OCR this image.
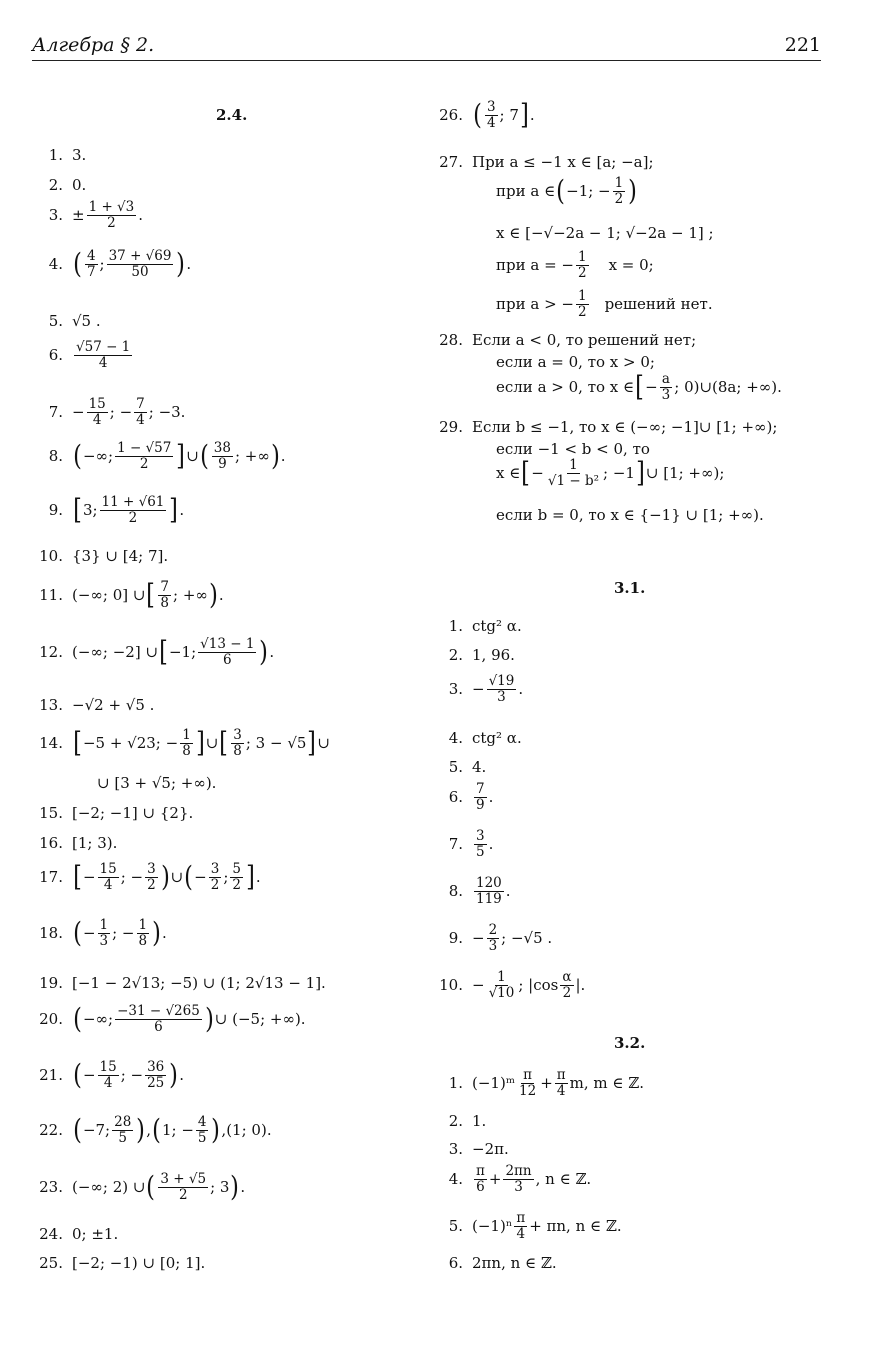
Алгебра § 2.	221
2.4.
1. 3.
2. 0.
3. ± $\frac{1 + √3}{2}$ .
4. ( $\frac{4}{7}$ ; $\frac{37 + √69}{50}$ ) .
5. √5 .
6. $\frac{√57 - 1}{4}$
7. − $\frac{15}{4}$ ; − $\frac{7}{4}$ ; −3.
8. ( −∞; $\frac{1 - √57}{2}$ ] ∪ ( $\frac{38}{9}$ ; +∞ ) .
9. [ 3; $\frac{11 + √61}{2}$ ] .
10. {3} ∪ [4; 7].
11. (−∞; 0] ∪ [ $\frac{7}{8}$ ; +∞ ) .
12. (−∞; −2] ∪ [ −1; $\frac{√13 - 1}{6}$ ) .
13. −√2 + √5 .
14. [ −5 + √23; − $\frac{1}{8}$ ] ∪ [ $\frac{3}{8}$ ; 3 − √5 ] ∪
∪ [3 + √5; +∞).
15. [−2; −1] ∪ {2}.
16. [1; 3).
17. [ − $\frac{15}{4}$ ; − $\frac{3}{2}$ ) ∪ ( − $\frac{3}{2}$ ; $\frac{5}{2}$ ] .
18. ( − $\frac{1}{3}$ ; − $\frac{1}{8}$ ) .
19. [−1 − 2√13; −5) ∪ (1; 2√13 − 1].
20. ( −∞; $\frac{-31 - √265}{6}$ ) ∪ (−5; +∞).
21. ( − $\frac{15}{4}$ ; − $\frac{36}{25}$ ) .
22. ( −7; $\frac{28}{5}$ ) , ( 1; − $\frac{4}{5}$ ) , (1; 0).
23. (−∞; 2) ∪ ( $\frac{3 + √5}{2}$ ; 3 ) .
24. 0; ±1.
25. [−2; −1) ∪ [0; 1].
26. ( $\frac{3}{4}$ ; 7 ] .
27. При a ≤ −1 x ∈ [a; −a];
при a ∈ ( −1; − $\frac{1}{2}$ )
x ∈ [−√−2a − 1; √−2a − 1] ;
при a = − $\frac{1}{2}$ x = 0;
при a > − $\frac{1}{2}$ решений нет.
28. Если a < 0, то решений нет;
если a = 0, то x > 0;
если a > 0, то x ∈ [ − $\frac{a}{3}$ ; 0)∪(8a; +∞).
29. Если b ≤ −1, то x ∈ (−∞; −1]∪ [1; +∞);
если −1 < b < 0, то
x ∈ [ − $\frac{1}{\text{√1 − b²}}$ ; −1 ] ∪ [1; +∞);
если b = 0, то x ∈ {−1} ∪ [1; +∞).
3.1.
1. ctg² α.
2. 1, 96.
3. − $\frac{√19}{3}$ .
4. ctg² α.
5. 4.
6. $\frac{7}{9}$ .
7. $\frac{3}{5}$ .
8. $\frac{120}{119}$ .
9. − $\frac{2}{3}$ ; −√5 .
10. − $\frac{1}{√10}$ ; $|\cos \frac{\alpha}{2}$ |.
3.2.
1. (−1)ᵐ $\frac{\pi}{12} + \frac{\pi}{4} m$, m ∈ ℤ.
2. 1.
3. −2π.
4. $\frac{\pi}{6} + \frac{2\pi n}{3}$ , n ∈ ℤ.
5. $(-1)^n \frac{\pi}{4} + \pi n$, n ∈ ℤ.
6. 2πn, n ∈ ℤ.
